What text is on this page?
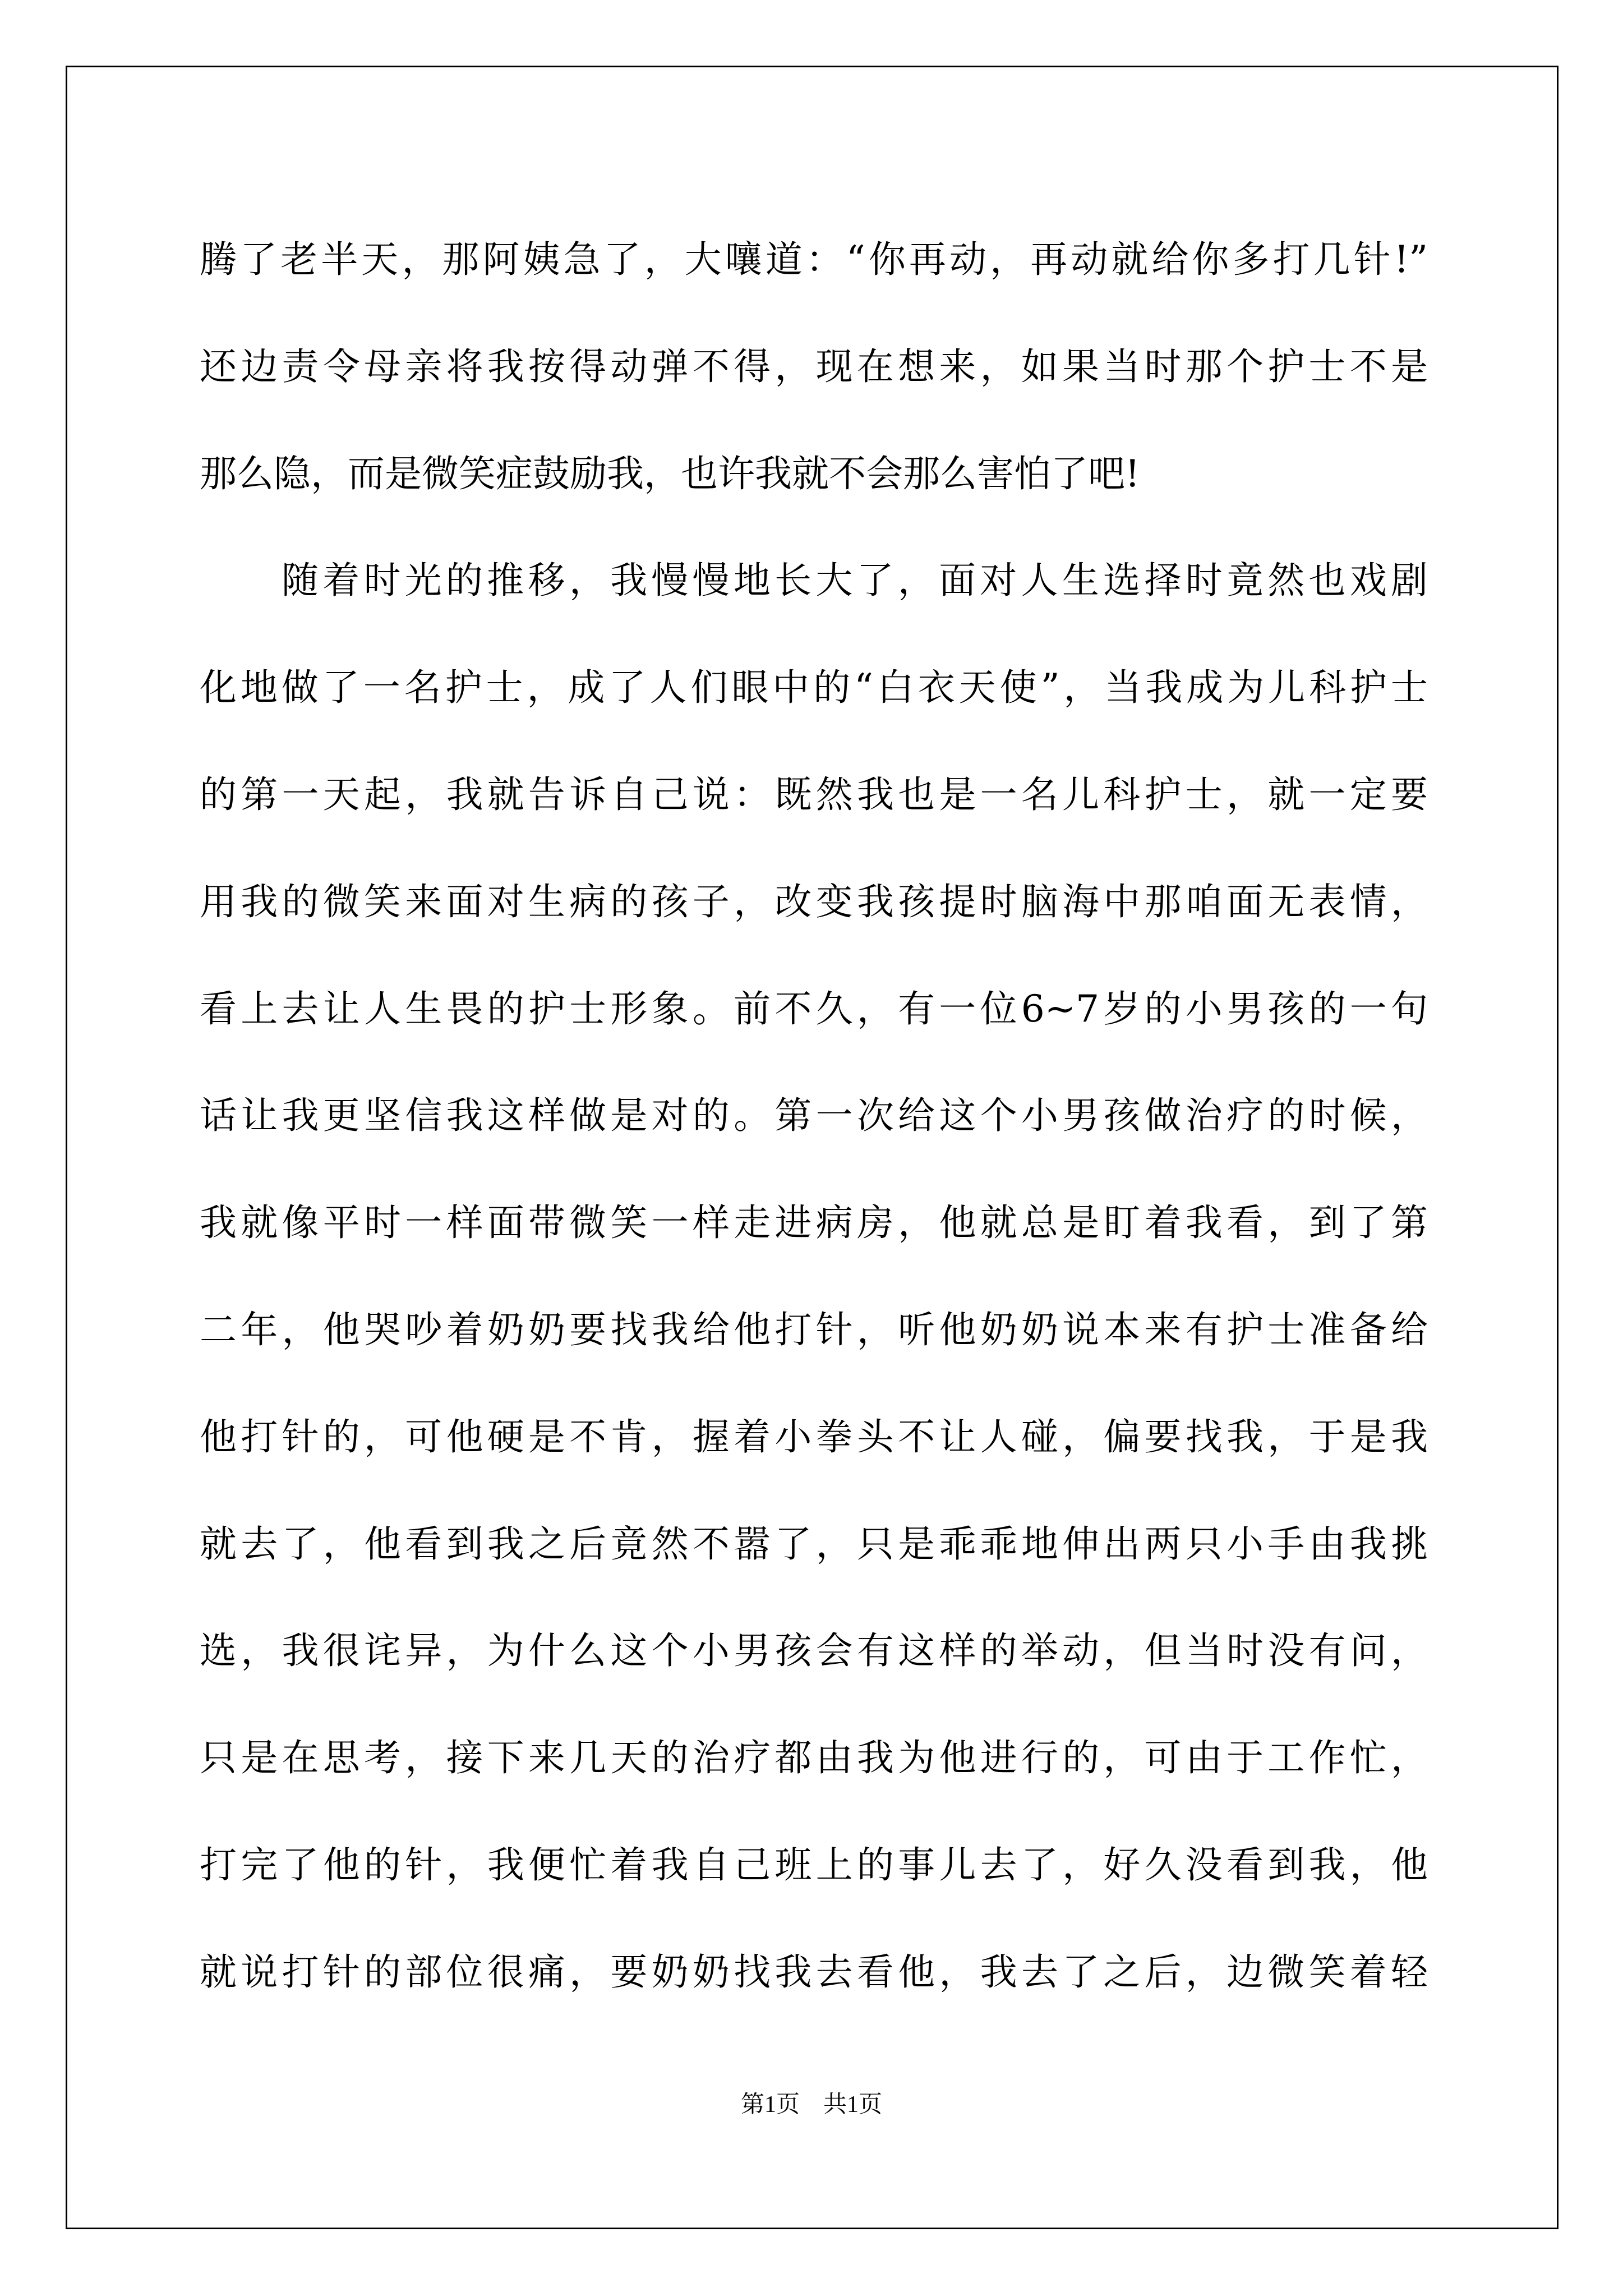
腾了老半天，那阿姨急了，大嚷道：“你再动，再动就给你多打几针!”
还边责令母亲将我按得动弹不得，现在想来，如果当时那个护士不是
那么隐，而是微笑症鼓励我，也许我就不会那么害怕了吧!
随着时光的推移，我慢慢地长大了，面对人生选择时竟然也戏剧
化地做了一名护士，成了人们眼中的“白衣天使”，当我成为儿科护士
的第一天起，我就告诉自己说：既然我也是一名儿科护士，就一定要
用我的微笑来面对生病的孩子，改变我孩提时脑海中那咱面无表情，
看上去让人生畏的护士形象。前不久，有一位6~7岁的小男孩的一句
话让我更坚信我这样做是对的。第一次给这个小男孩做治疗的时候，
我就像平时一样面带微笑一样走进病房，他就总是盯着我看，到了第
二年，他哭吵着奶奶要找我给他打针，听他奶奶说本来有护士准备给
他打针的，可他硬是不肯，握着小拳头不让人碰，偏要找我，于是我
就去了，他看到我之后竟然不嚣了，只是乖乖地伸出两只小手由我挑
选，我很诧异，为什么这个小男孩会有这样的举动，但当时没有问，
只是在思考，接下来几天的治疗都由我为他进行的，可由于工作忙，
打完了他的针，我便忙着我自己班上的事儿去了，好久没看到我，他
就说打针的部位很痛，要奶奶找我去看他，我去了之后，边微笑着轻
第1页　共1页
